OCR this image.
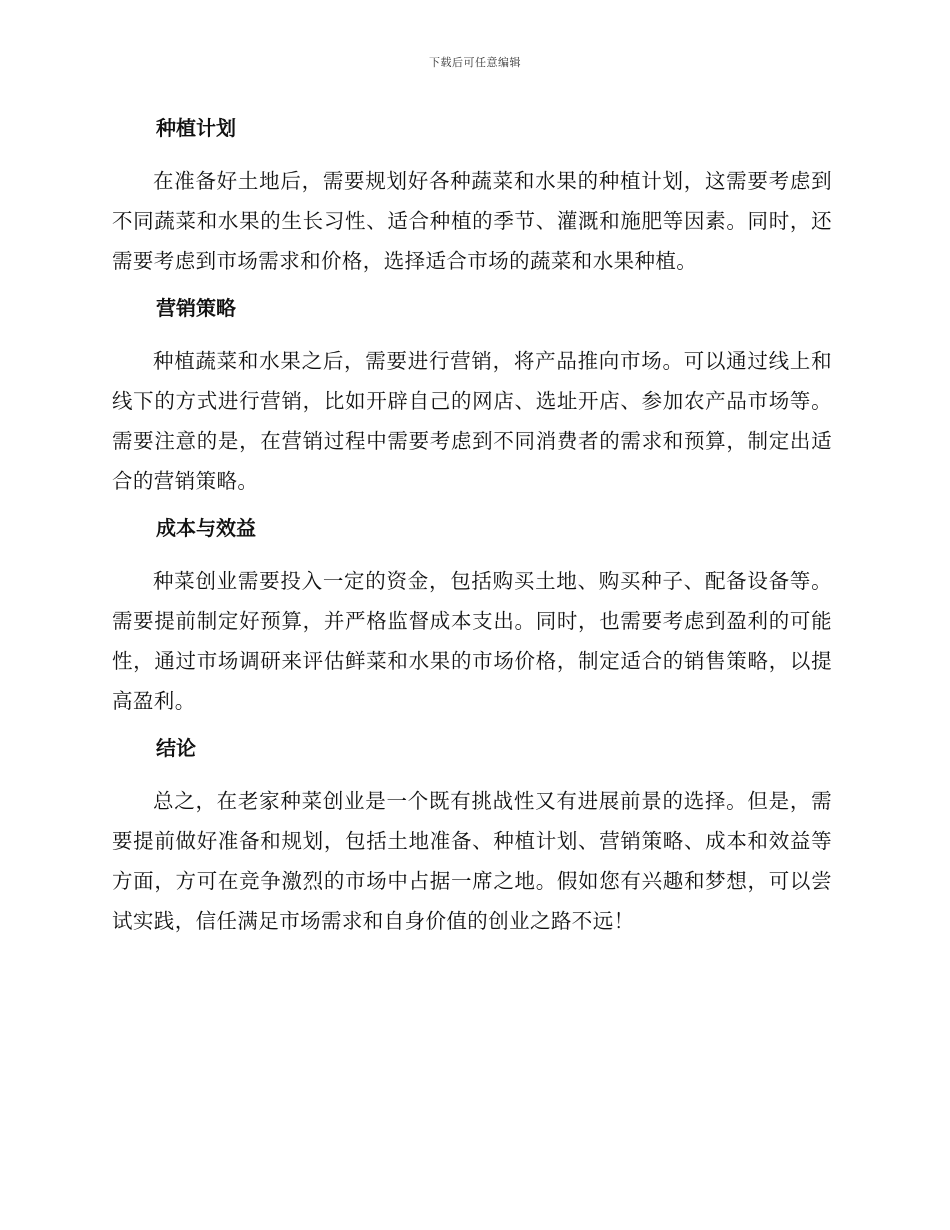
下载后可任意编辑
种植计划

在准备好土地后，需要规划好各种蔬菜和水果的种植计划，这需要考虑到不同蔬菜和水果的生长习性、适合种植的季节、灌溉和施肥等因素。同时，还需要考虑到市场需求和价格，选择适合市场的蔬菜和水果种植。

营销策略

种植蔬菜和水果之后，需要进行营销，将产品推向市场。可以通过线上和线下的方式进行营销，比如开辟自己的网店、选址开店、参加农产品市场等。需要注意的是，在营销过程中需要考虑到不同消费者的需求和预算，制定出适合的营销策略。

成本与效益

种菜创业需要投入一定的资金，包括购买土地、购买种子、配备设备等。需要提前制定好预算，并严格监督成本支出。同时，也需要考虑到盈利的可能性，通过市场调研来评估鲜菜和水果的市场价格，制定适合的销售策略，以提高盈利。

结论

总之，在老家种菜创业是一个既有挑战性又有进展前景的选择。但是，需要提前做好准备和规划，包括土地准备、种植计划、营销策略、成本和效益等方面，方可在竞争激烈的市场中占据一席之地。假如您有兴趣和梦想，可以尝试实践，信任满足市场需求和自身价值的创业之路不远！
